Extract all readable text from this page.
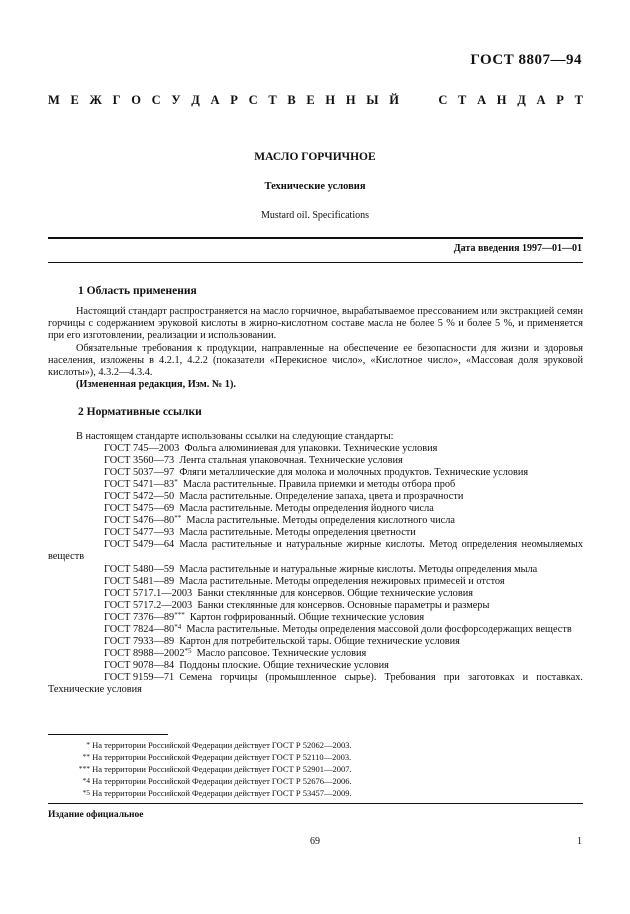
ГОСТ 8807—94
М Е Ж Г О С У Д А Р С Т В Е Н Н Ы Й	С Т А Н Д А Р Т
МАСЛО ГОРЧИЧНОЕ
Технические условия
Mustard oil. Specifications
Дата введения 1997—01—01
1 Область применения

Настоящий стандарт распространяется на масло горчичное, вырабатываемое прессованием или экстракцией семян горчицы с содержанием эруковой кислоты в жирно-кислотном составе масла не более 5 % и более 5 %, и применяется при его изготовлении, реализации и использовании.

Обязательные требования к продукции, направленные на обеспечение ее безопасности для жизни и здоровья населения, изложены в 4.2.1, 4.2.2 (показатели «Перекисное число», «Кислотное число», «Массовая доля эруковой кислоты»), 4.3.2—4.3.4.

(Измененная редакция, Изм. № 1).

2 Нормативные ссылки

В настоящем стандарте использованы ссылки на следующие стандарты:

ГОСТ 745—2003  Фольга алюминиевая для упаковки. Технические условия

ГОСТ 3560—73  Лента стальная упаковочная. Технические условия

ГОСТ 5037—97  Фляги металлические для молока и молочных продуктов. Технические условия

ГОСТ 5471—83*  Масла растительные. Правила приемки и методы отбора проб

ГОСТ 5472—50  Масла растительные. Определение запаха, цвета и прозрачности

ГОСТ 5475—69  Масла растительные. Методы определения йодного числа

ГОСТ 5476—80**  Масла растительные. Методы определения кислотного числа

ГОСТ 5477—93  Масла растительные. Методы определения цветности

ГОСТ 5479—64  Масла растительные и натуральные жирные кислоты. Метод определения неомыляемых веществ

ГОСТ 5480—59  Масла растительные и натуральные жирные кислоты. Методы определения мыла

ГОСТ 5481—89  Масла растительные. Методы определения нежировых примесей и отстоя

ГОСТ 5717.1—2003  Банки стеклянные для консервов. Общие технические условия

ГОСТ 5717.2—2003  Банки стеклянные для консервов. Основные параметры и размеры

ГОСТ 7376—89***  Картон гофрированный. Общие технические условия

ГОСТ 7824—80$^{*4}$  Масла растительные. Методы определения массовой доли фосфорсодержащих веществ

ГОСТ 7933—89  Картон для потребительской тары. Общие технические условия

ГОСТ 8988—2002$^{*5}$  Масло рапсовое. Технические условия

ГОСТ 9078—84  Поддоны плоские. Общие технические условия

ГОСТ 9159—71  Семена горчицы (промышленное сырье). Требования при заготовках и поставках. Технические условия

* На территории Российской Федерации действует ГОСТ Р 52062—2003.
** На территории Российской Федерации действует ГОСТ Р 52110—2003.
*** На территории Российской Федерации действует ГОСТ Р 52901—2007.
*4 На территории Российской Федерации действует ГОСТ Р 52676—2006.
*5 На территории Российской Федерации действует ГОСТ Р 53457—2009.
Издание официальное
69	1
